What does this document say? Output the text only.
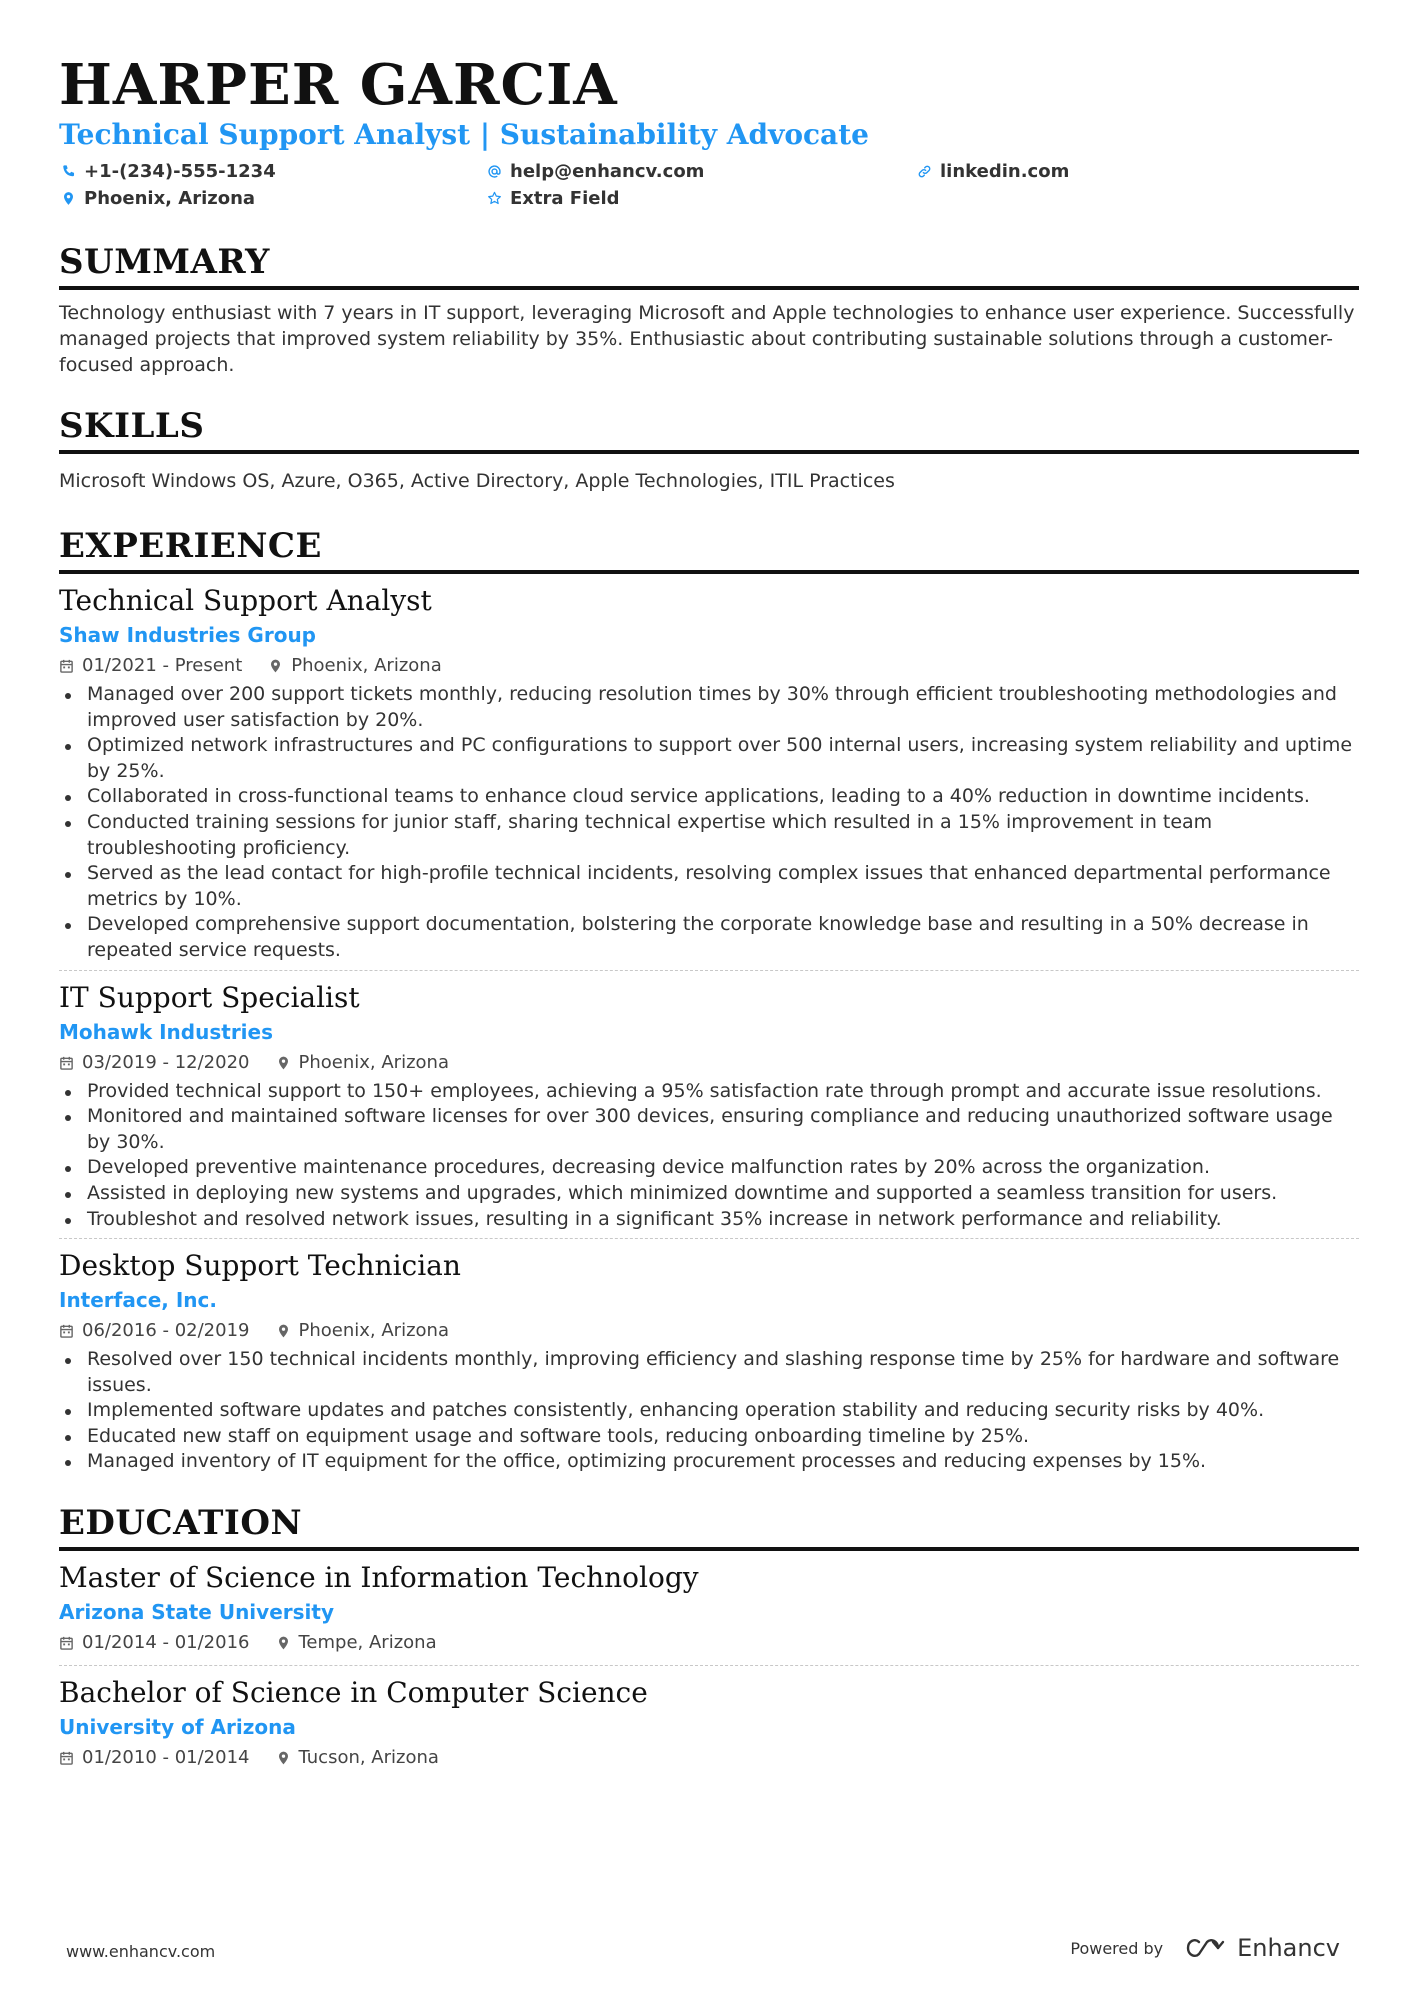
HARPER GARCIA
Technical Support Analyst | Sustainability Advocate
+1-(234)-555-1234	help@enhancv.com	linkedin.com
Phoenix, Arizona	Extra Field
SUMMARY
Technology enthusiast with 7 years in IT support, leveraging Microsoft and Apple technologies to enhance user experience. Successfully managed projects that improved system reliability by 35%. Enthusiastic about contributing sustainable solutions through a customer-focused approach.
SKILLS
Microsoft Windows OS, Azure, O365, Active Directory, Apple Technologies, ITIL Practices
EXPERIENCE
Technical Support Analyst
Shaw Industries Group
01/2021 - Present	Phoenix, Arizona
Managed over 200 support tickets monthly, reducing resolution times by 30% through efficient troubleshooting methodologies and improved user satisfaction by 20%.
Optimized network infrastructures and PC configurations to support over 500 internal users, increasing system reliability and uptime by 25%.
Collaborated in cross-functional teams to enhance cloud service applications, leading to a 40% reduction in downtime incidents.
Conducted training sessions for junior staff, sharing technical expertise which resulted in a 15% improvement in team troubleshooting proficiency.
Served as the lead contact for high-profile technical incidents, resolving complex issues that enhanced departmental performance metrics by 10%.
Developed comprehensive support documentation, bolstering the corporate knowledge base and resulting in a 50% decrease in repeated service requests.
IT Support Specialist
Mohawk Industries
03/2019 - 12/2020	Phoenix, Arizona
Provided technical support to 150+ employees, achieving a 95% satisfaction rate through prompt and accurate issue resolutions.
Monitored and maintained software licenses for over 300 devices, ensuring compliance and reducing unauthorized software usage by 30%.
Developed preventive maintenance procedures, decreasing device malfunction rates by 20% across the organization.
Assisted in deploying new systems and upgrades, which minimized downtime and supported a seamless transition for users.
Troubleshot and resolved network issues, resulting in a significant 35% increase in network performance and reliability.
Desktop Support Technician
Interface, Inc.
06/2016 - 02/2019	Phoenix, Arizona
Resolved over 150 technical incidents monthly, improving efficiency and slashing response time by 25% for hardware and software issues.
Implemented software updates and patches consistently, enhancing operation stability and reducing security risks by 40%.
Educated new staff on equipment usage and software tools, reducing onboarding timeline by 25%.
Managed inventory of IT equipment for the office, optimizing procurement processes and reducing expenses by 15%.
EDUCATION
Master of Science in Information Technology
Arizona State University
01/2014 - 01/2016	Tempe, Arizona
Bachelor of Science in Computer Science
University of Arizona
01/2010 - 01/2014	Tucson, Arizona
www.enhancv.com	Powered by	Enhancv
